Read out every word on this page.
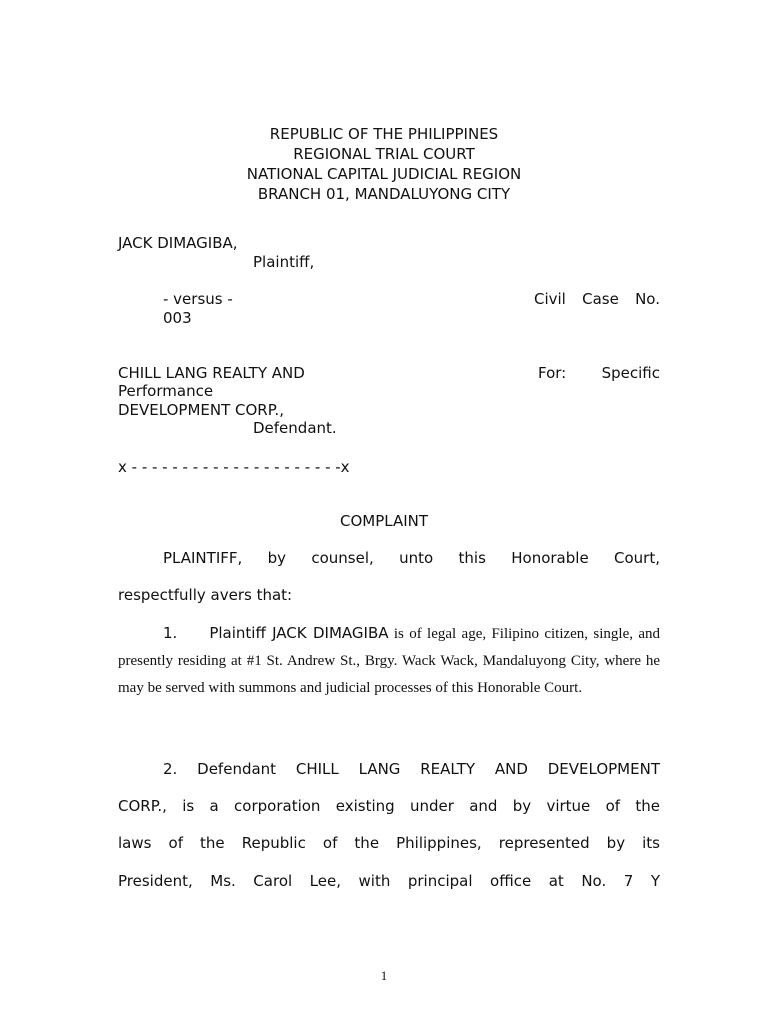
REPUBLIC OF THE PHILIPPINES
REGIONAL TRIAL COURT
NATIONAL CAPITAL JUDICIAL REGION
BRANCH 01, MANDALUYONG CITY
JACK DIMAGIBA,
Plaintiff,
- versus -	Civil Case No.
003
CHILL LANG REALTY AND	For:	Specific
Performance
DEVELOPMENT CORP.,
Defendant.
x - - - - - - - - - - - - - - - - - - - - -x
COMPLAINT
PLAINTIFF, by counsel, unto this Honorable Court,
respectfully avers that:
1. Plaintiff JACK DIMAGIBA is of legal age, Filipino citizen, single, and presently residing at #1 St. Andrew St., Brgy. Wack Wack, Mandaluyong City, where he may be served with summons and judicial processes of this Honorable Court.
2. Defendant CHILL LANG REALTY AND DEVELOPMENT
CORP., is a corporation existing under and by virtue of the
laws of the Republic of the Philippines, represented by its
President, Ms. Carol Lee, with principal office at No. 7 Y
1
